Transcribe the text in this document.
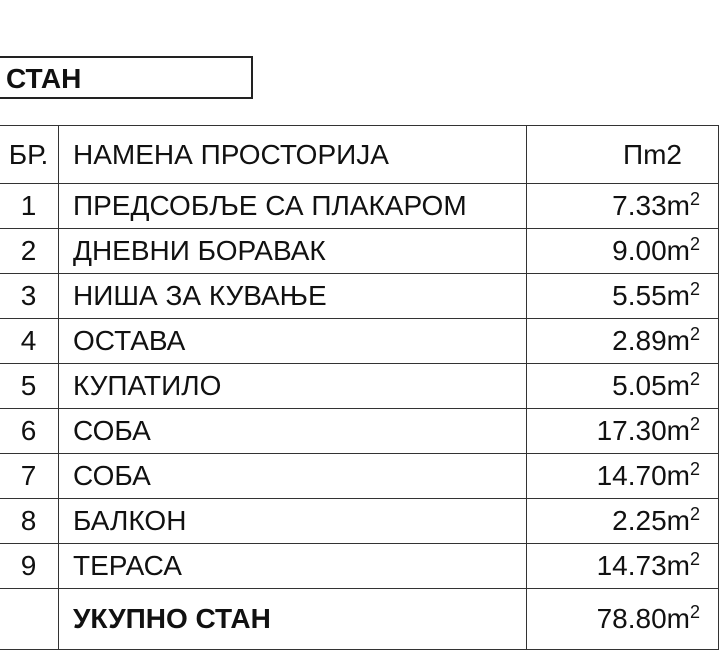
СТАН
БР.	НАМЕНА ПРОСТОРИЈА	Пm2	
1	ПРЕДСОБЉЕ СА ПЛАКАРОМ	$7.33m^2$	
2	ДНЕВНИ БОРАВАК	$9.00m^2$	
3	НИША ЗА КУВАЊЕ	$5.55m^2$	
4	ОСТАВА	$2.89m^2$	
5	КУПАТИЛО	$5.05m^2$	
6	СОБА	$17.30m^2$	
7	СОБА	$14.70m^2$	
8	БАЛКОН	$2.25m^2$	
9	ТЕРАСА	$14.73m^2$	
	УКУПНО СТАН	$78.80m^2$	
